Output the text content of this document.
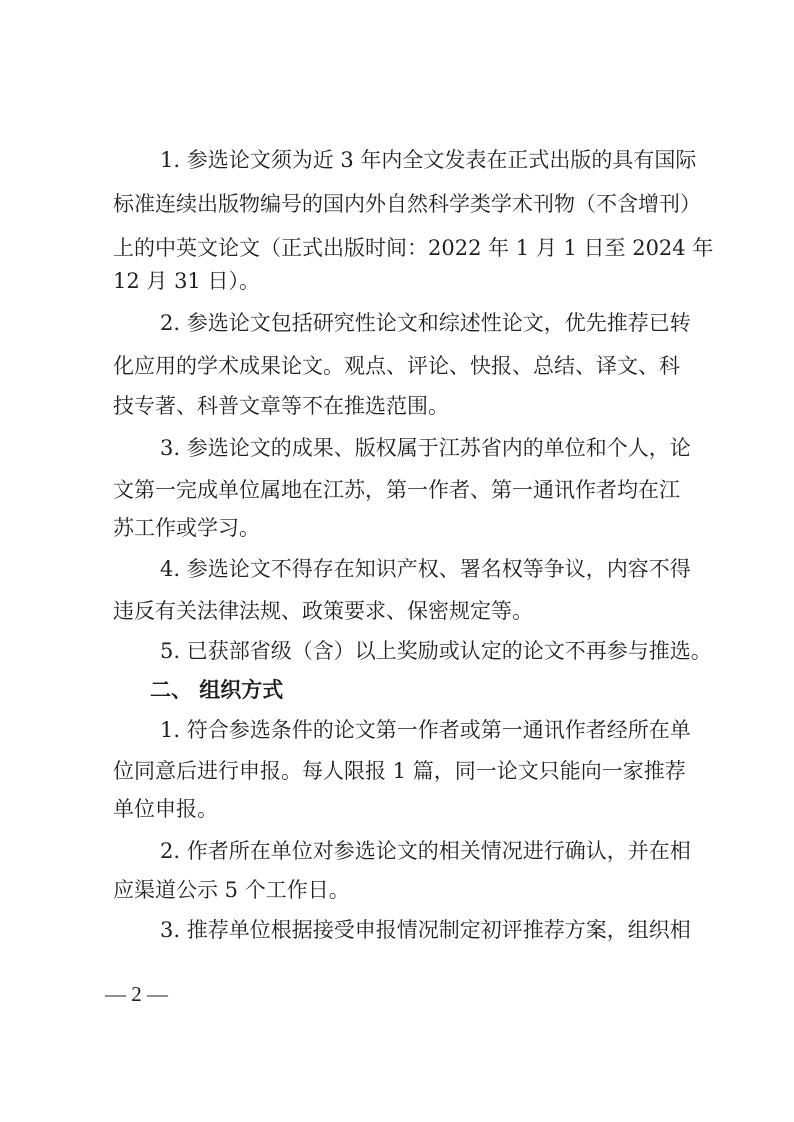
1. 参选论文须为近 3 年内全文发表在正式出版的具有国际
标准连续出版物编号的国内外自然科学类学术刊物（不含增刊）
上的中英文论文（正式出版时间：2022 年 1 月 1 日至 2024 年
12 月 31 日）。
2. 参选论文包括研究性论文和综述性论文，优先推荐已转
化应用的学术成果论文。观点、评论、快报、总结、译文、科
技专著、科普文章等不在推选范围。
3. 参选论文的成果、版权属于江苏省内的单位和个人，论
文第一完成单位属地在江苏，第一作者、第一通讯作者均在江
苏工作或学习。
4. 参选论文不得存在知识产权、署名权等争议，内容不得
违反有关法律法规、政策要求、保密规定等。
5. 已获部省级（含）以上奖励或认定的论文不再参与推选。
二、 组织方式
1. 符合参选条件的论文第一作者或第一通讯作者经所在单
位同意后进行申报。每人限报 1 篇，同一论文只能向一家推荐
单位申报。
2. 作者所在单位对参选论文的相关情况进行确认，并在相
应渠道公示 5 个工作日。
3. 推荐单位根据接受申报情况制定初评推荐方案，组织相
— 2 —
